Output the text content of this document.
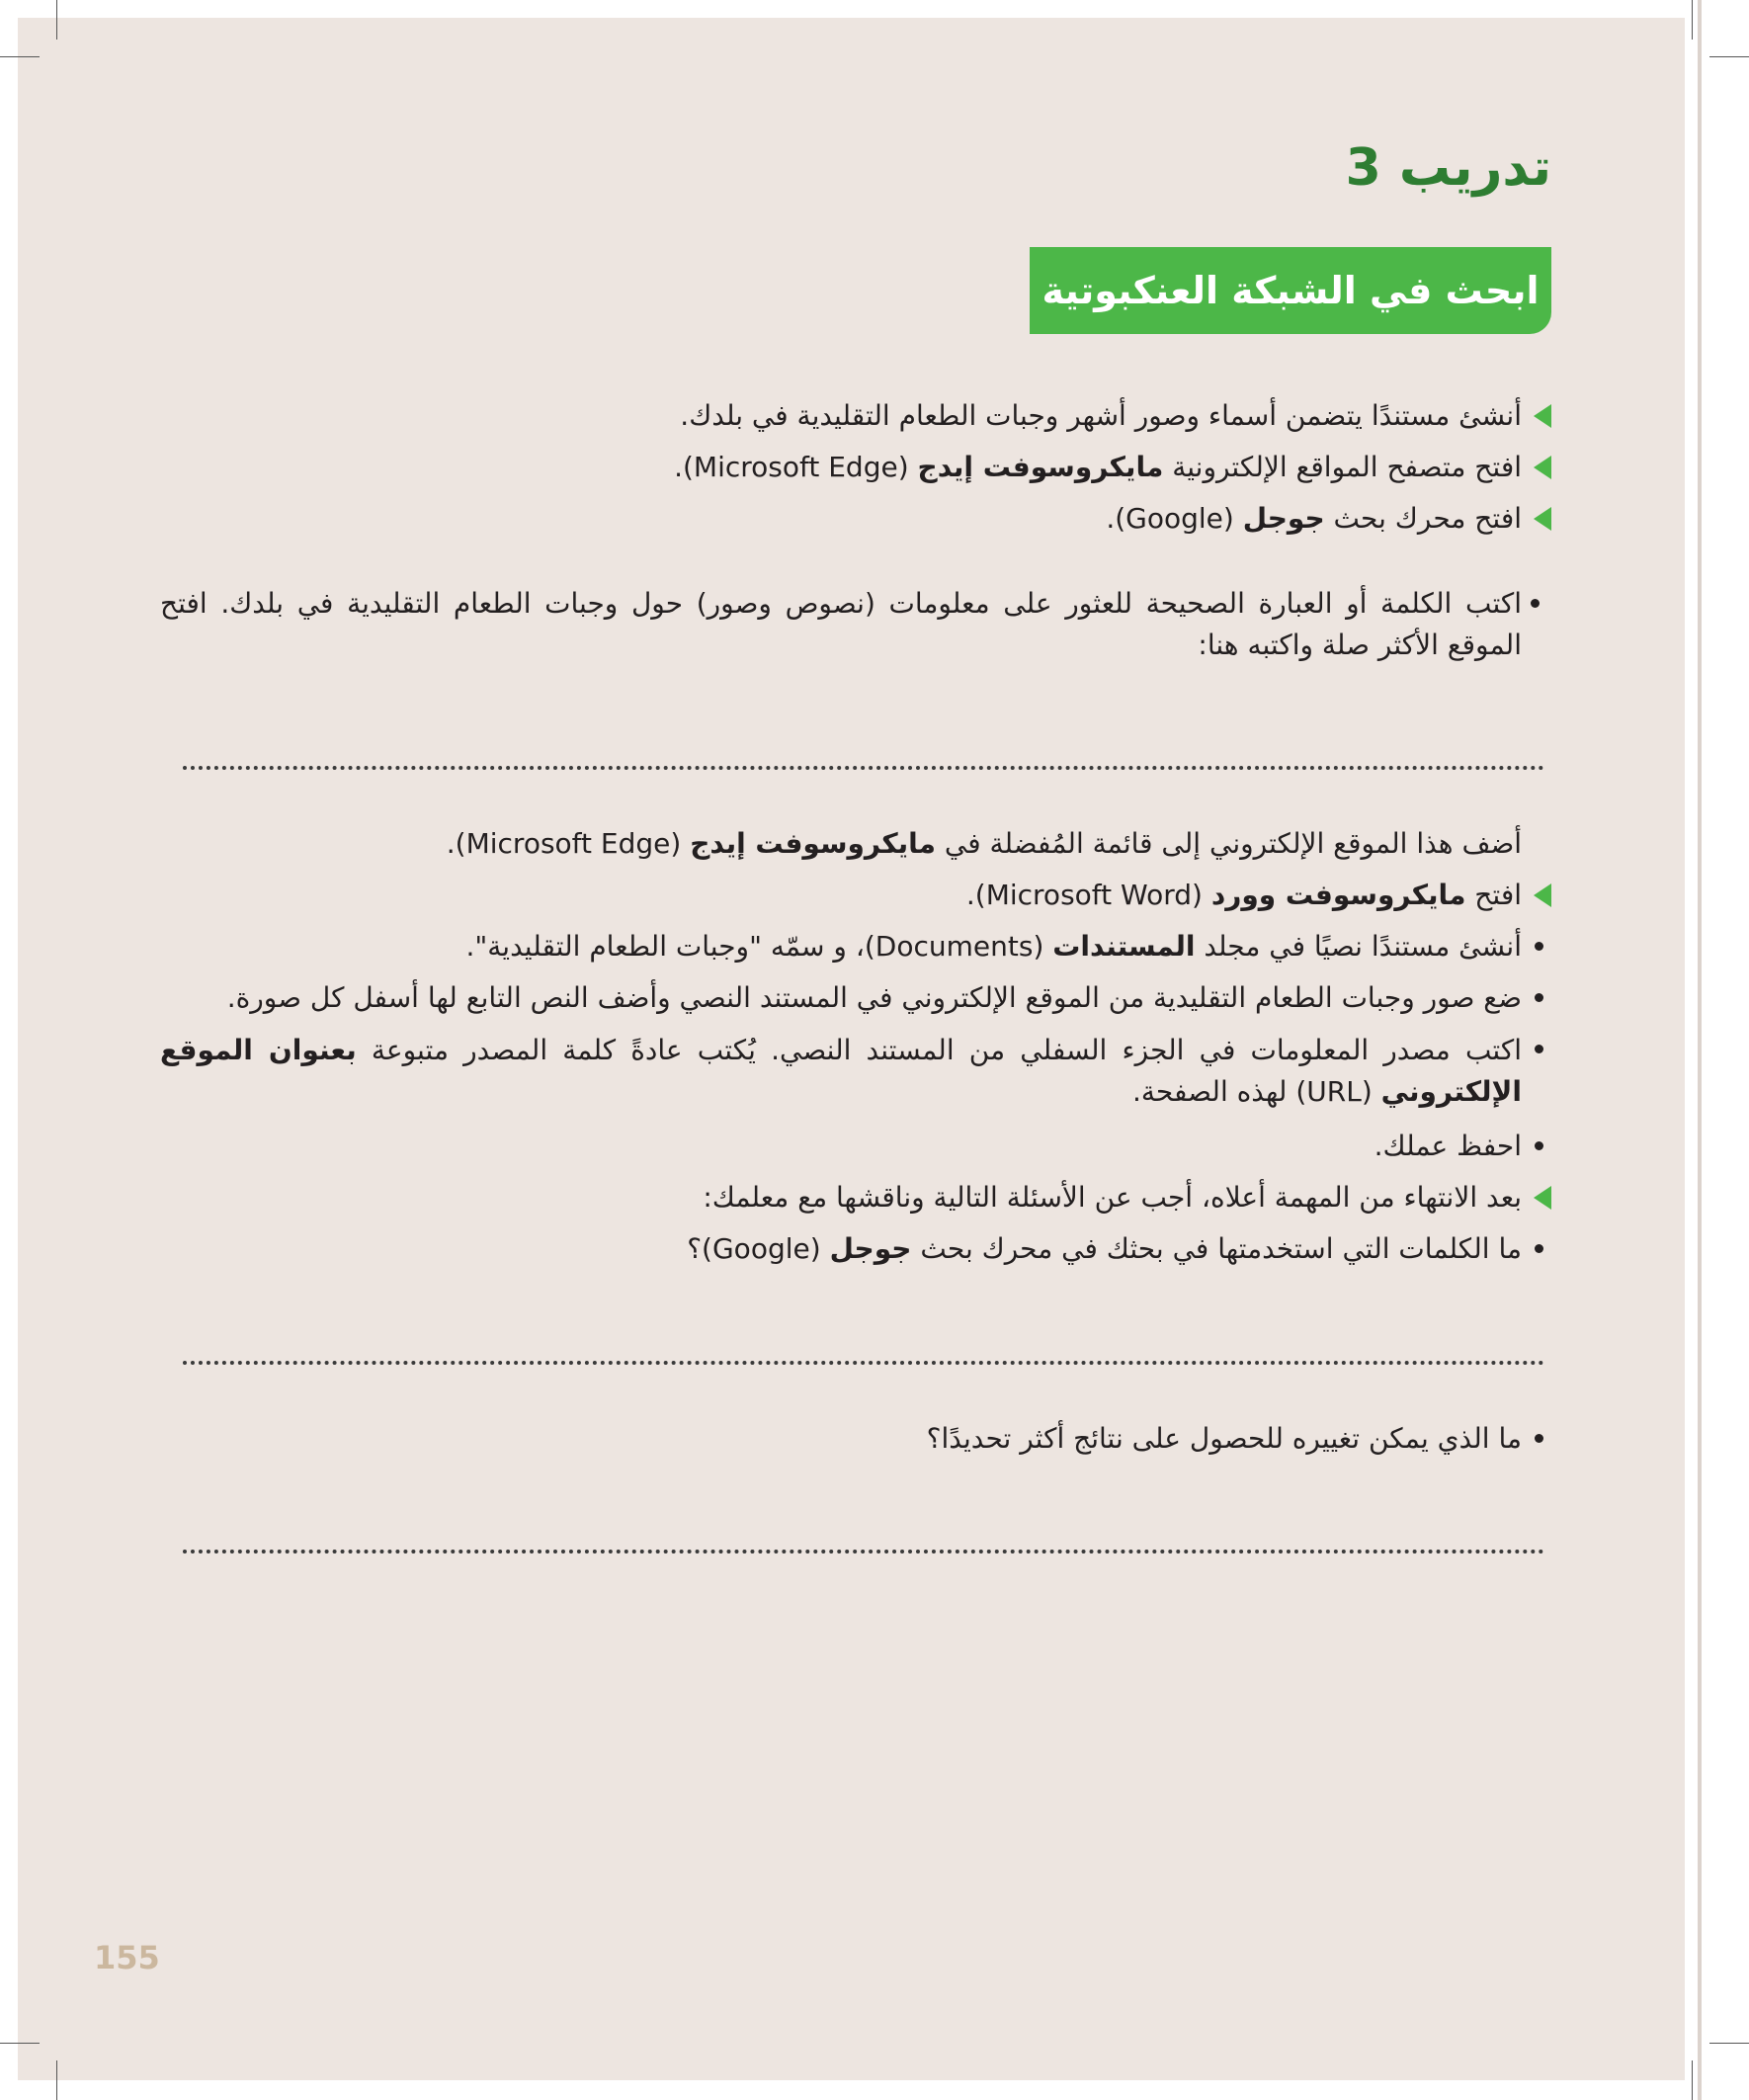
تدريب 3
ابحث في الشبكة العنكبوتية

أنشئ مستندًا يتضمن أسماء وصور أشهر وجبات الطعام التقليدية في بلدك.

افتح متصفح المواقع الإلكترونية مايكروسوفت إيدج (Microsoft Edge).

افتح محرك بحث جوجل (Google).

اكتب الكلمة أو العبارة الصحيحة للعثور على معلومات (نصوص وصور) حول وجبات الطعام التقليدية في بلدك. افتح الموقع الأكثر صلة واكتبه هنا:

أضف هذا الموقع الإلكتروني إلى قائمة المُفضلة في مايكروسوفت إيدج (Microsoft Edge).

افتح مايكروسوفت وورد (Microsoft Word).

أنشئ مستندًا نصيًا في مجلد المستندات (Documents)، و سمّه "وجبات الطعام التقليدية".

ضع صور وجبات الطعام التقليدية من الموقع الإلكتروني في المستند النصي وأضف النص التابع لها أسفل كل صورة.

اكتب مصدر المعلومات في الجزء السفلي من المستند النصي. يُكتب عادةً كلمة المصدر متبوعة بعنوان الموقع الإلكتروني (URL) لهذه الصفحة.

احفظ عملك.

بعد الانتهاء من المهمة أعلاه، أجب عن الأسئلة التالية وناقشها مع معلمك:

ما الكلمات التي استخدمتها في بحثك في محرك بحث جوجل (Google)؟

ما الذي يمكن تغييره للحصول على نتائج أكثر تحديدًا؟

155
